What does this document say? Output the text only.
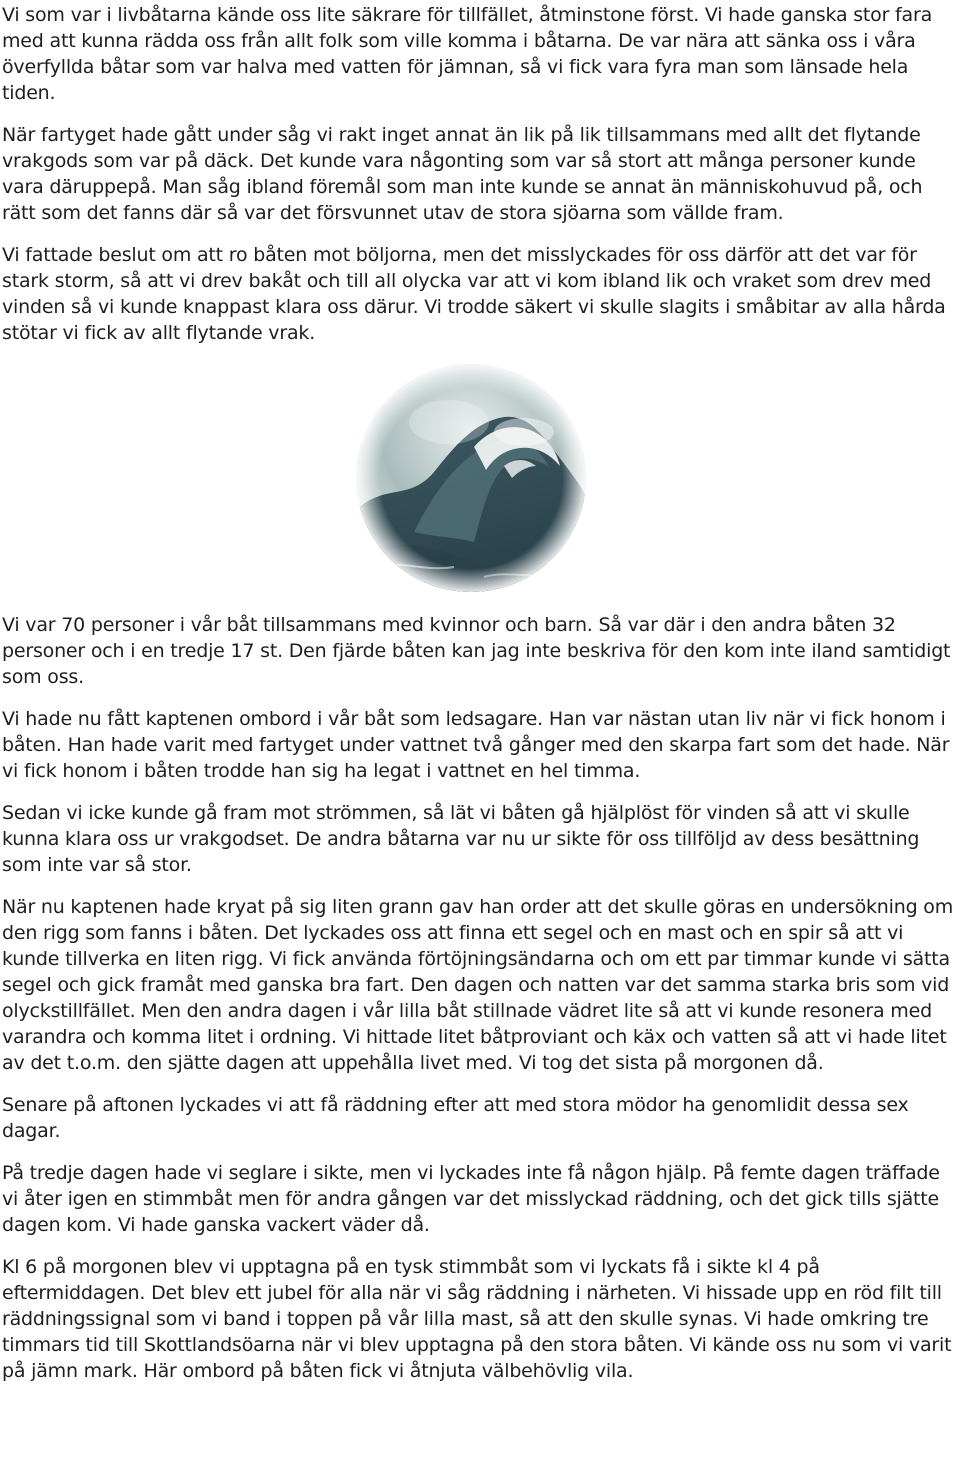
Vi som var i livbåtarna kände oss lite säkrare för tillfället, åtminstone först. Vi hade ganska stor fara med att kunna rädda oss från allt folk som ville komma i båtarna. De var nära att sänka oss i våra överfyllda båtar som var halva med vatten för jämnan, så vi fick vara fyra man som länsade hela tiden.

När fartyget hade gått under såg vi rakt inget annat än lik på lik tillsammans med allt det flytande vrakgods som var på däck. Det kunde vara någonting som var så stort att många personer kunde vara däruppepå. Man såg ibland föremål som man inte kunde se annat än människohuvud på, och rätt som det fanns där så var det försvunnet utav de stora sjöarna som vällde fram.

Vi fattade beslut om att ro båten mot böljorna, men det misslyckades för oss därför att det var för stark storm, så att vi drev bakåt och till all olycka var att vi kom ibland lik och vraket som drev med vinden så vi kunde knappast klara oss därur. Vi trodde säkert vi skulle slagits i småbitar av alla hårda stötar vi fick av allt flytande vrak.

Vi var 70 personer i vår båt tillsammans med kvinnor och barn. Så var där i den andra båten 32 personer och i en tredje 17 st. Den fjärde båten kan jag inte beskriva för den kom inte iland samtidigt som oss.

Vi hade nu fått kaptenen ombord i vår båt som ledsagare. Han var nästan utan liv när vi fick honom i båten. Han hade varit med fartyget under vattnet två gånger med den skarpa fart som det hade. När vi fick honom i båten trodde han sig ha legat i vattnet en hel timma.

Sedan vi icke kunde gå fram mot strömmen, så lät vi båten gå hjälplöst för vinden så att vi skulle kunna klara oss ur vrakgodset. De andra båtarna var nu ur sikte för oss tillföljd av dess besättning som inte var så stor.

När nu kaptenen hade kryat på sig liten grann gav han order att det skulle göras en undersökning om den rigg som fanns i båten. Det lyckades oss att finna ett segel och en mast och en spir så att vi kunde tillverka en liten rigg. Vi fick använda förtöjningsändarna och om ett par timmar kunde vi sätta segel och gick framåt med ganska bra fart. Den dagen och natten var det samma starka bris som vid olyckstillfället. Men den andra dagen i vår lilla båt stillnade vädret lite så att vi kunde resonera med varandra och komma litet i ordning. Vi hittade litet båtproviant och käx och vatten så att vi hade litet av det t.o.m. den sjätte dagen att uppehålla livet med. Vi tog det sista på morgonen då.

Senare på aftonen lyckades vi att få räddning efter att med stora mödor ha genomlidit dessa sex dagar.

På tredje dagen hade vi seglare i sikte, men vi lyckades inte få någon hjälp. På femte dagen träffade vi åter igen en stimmbåt men för andra gången var det misslyckad räddning, och det gick tills sjätte dagen kom. Vi hade ganska vackert väder då.

Kl 6 på morgonen blev vi upptagna på en tysk stimmbåt som vi lyckats få i sikte kl 4 på eftermiddagen. Det blev ett jubel för alla när vi såg räddning i närheten. Vi hissade upp en röd filt till räddningssignal som vi band i toppen på vår lilla mast, så att den skulle synas. Vi hade omkring tre timmars tid till Skottlandsöarna när vi blev upptagna på den stora båten. Vi kände oss nu som vi varit på jämn mark. Här ombord på båten fick vi åtnjuta välbehövlig vila.
